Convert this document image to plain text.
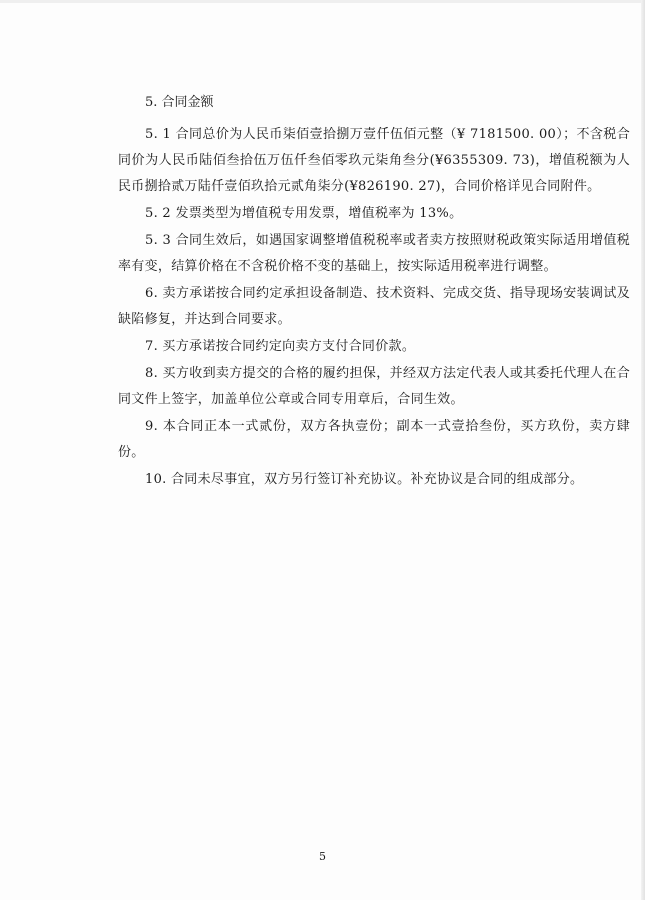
5. 合同金额

5. 1 合同总价为人民币柒佰壹拾捌万壹仟伍佰元整（¥ 7181500. 00）；不含税合同价为人民币陆佰叁拾伍万伍仟叁佰零玖元柒角叁分(¥6355309. 73)，增值税额为人民币捌拾贰万陆仟壹佰玖拾元贰角柒分(¥826190. 27)，合同价格详见合同附件。

5. 2 发票类型为增值税专用发票，增值税率为 13%。

5. 3 合同生效后，如遇国家调整增值税税率或者卖方按照财税政策实际适用增值税率有变，结算价格在不含税价格不变的基础上，按实际适用税率进行调整。

6. 卖方承诺按合同约定承担设备制造、技术资料、完成交货、指导现场安装调试及缺陷修复，并达到合同要求。

7. 买方承诺按合同约定向卖方支付合同价款。

8. 买方收到卖方提交的合格的履约担保，并经双方法定代表人或其委托代理人在合同文件上签字，加盖单位公章或合同专用章后，合同生效。

9. 本合同正本一式贰份，双方各执壹份；副本一式壹拾叁份，买方玖份，卖方肆份。

10. 合同未尽事宜，双方另行签订补充协议。补充协议是合同的组成部分。

5
